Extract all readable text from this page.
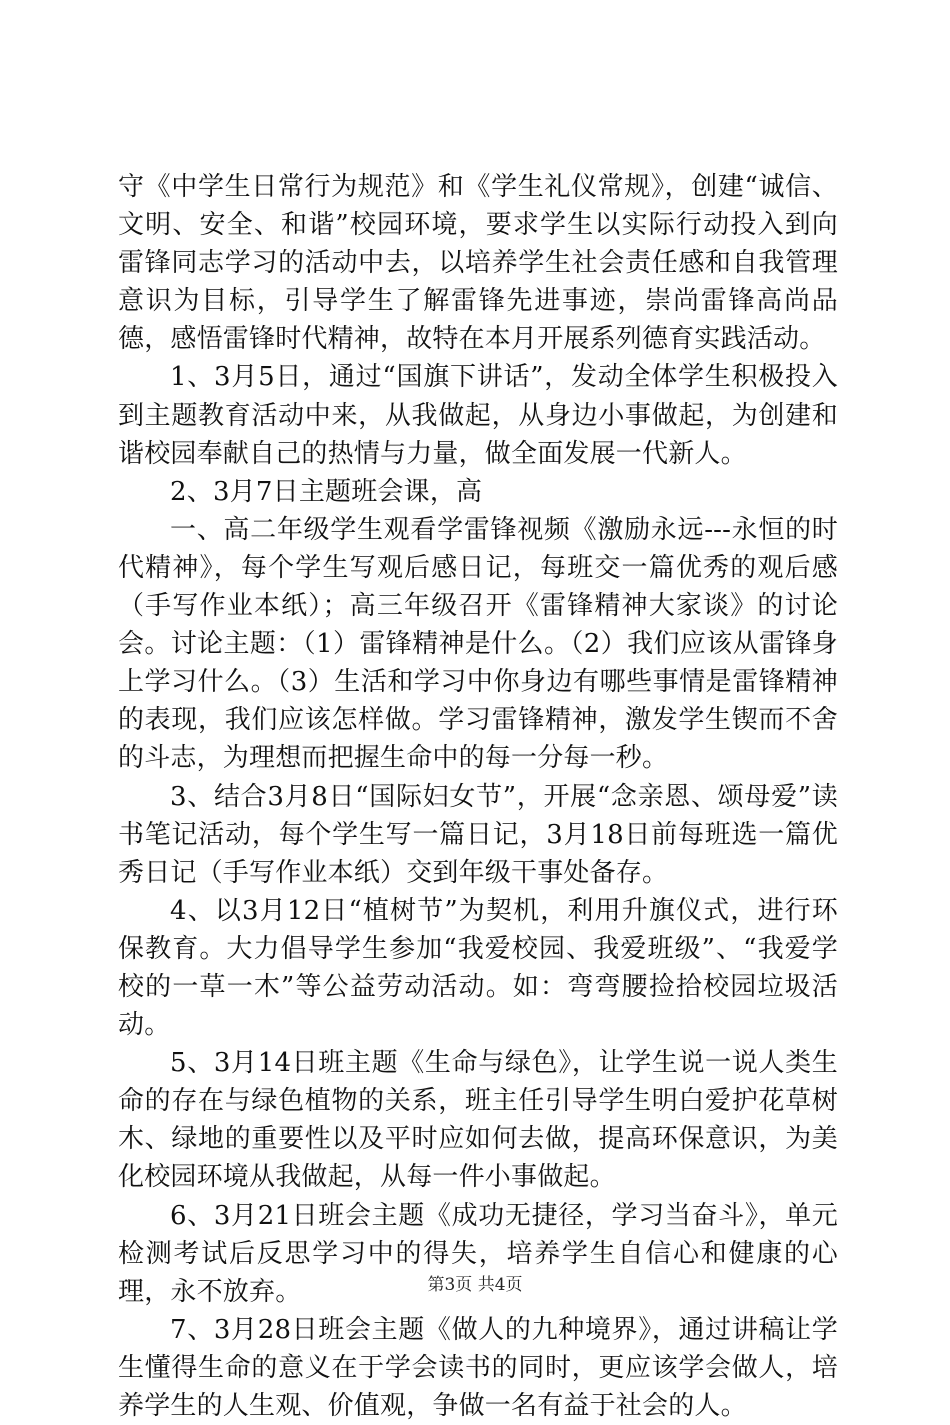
守《中学生日常行为规范》和《学生礼仪常规》，创建“诚信、文明、安全、和谐”校园环境，要求学生以实际行动投入到向雷锋同志学习的活动中去，以培养学生社会责任感和自我管理意识为目标，引导学生了解雷锋先进事迹，崇尚雷锋高尚品德，感悟雷锋时代精神，故特在本月开展系列德育实践活动。

1、3月5日，通过“国旗下讲话”，发动全体学生积极投入到主题教育活动中来，从我做起，从身边小事做起，为创建和谐校园奉献自己的热情与力量，做全面发展一代新人。

2、3月7日主题班会课，高

一、高二年级学生观看学雷锋视频《激励永远---永恒的时代精神》，每个学生写观后感日记，每班交一篇优秀的观后感（手写作业本纸）；高三年级召开《雷锋精神大家谈》的讨论会。讨论主题：（1）雷锋精神是什么。（2）我们应该从雷锋身上学习什么。（3）生活和学习中你身边有哪些事情是雷锋精神的表现，我们应该怎样做。学习雷锋精神，激发学生锲而不舍的斗志，为理想而把握生命中的每一分每一秒。

3、结合3月8日“国际妇女节”，开展“念亲恩、颂母爱”读书笔记活动，每个学生写一篇日记，3月18日前每班选一篇优秀日记（手写作业本纸）交到年级干事处备存。

4、以3月12日“植树节”为契机，利用升旗仪式，进行环保教育。大力倡导学生参加“我爱校园、我爱班级”、“我爱学校的一草一木”等公益劳动活动。如：弯弯腰捡拾校园垃圾活动。

5、3月14日班主题《生命与绿色》，让学生说一说人类生命的存在与绿色植物的关系，班主任引导学生明白爱护花草树木、绿地的重要性以及平时应如何去做，提高环保意识，为美化校园环境从我做起，从每一件小事做起。

6、3月21日班会主题《成功无捷径，学习当奋斗》，单元检测考试后反思学习中的得失，培养学生自信心和健康的心理，永不放弃。

7、3月28日班会主题《做人的九种境界》，通过讲稿让学生懂得生命的意义在于学会读书的同时，更应该学会做人，培养学生的人生观、价值观，争做一名有益于社会的人。

第3页 共4页
